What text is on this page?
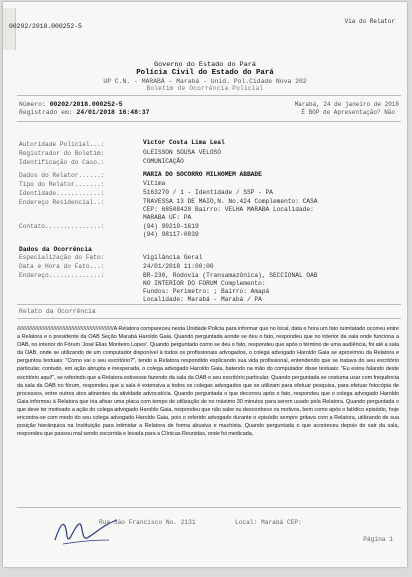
00202/2018.000252-5
Via do Relator
Governo do Estado do Pará
Polícia Civil do Estado do Pará
UP C.N. - MARABÁ - Marabá - Unid. Pol.Cidade Nova 202
Boletim de Ocorrência Policial
Número: 00202/2018.000252-5
Registrado em: 24/01/2018 16:48:37
Marabá, 24 de janeiro de 2018
É BOP de Apresentação? Não
Autoridade Policial...:	Victor Costa Lima Leal
Registrador do Boletim:	GLEISSON SOUSA VELOSO
Identificação do Caso.:	COMUNICAÇÃO
Dados do Relator......:	MARIA DO SOCORRO MILHOMEM ABBADE
Tipo do Relator.......:	Vítima
Identidade............:	5163270 / 1 - Identidade / SSP - PA
Endereço Residencial..:	TRAVESSA 13 DE MAIO,N. No.424 Complemento: CASA
CEP: 68508420 Bairro: VELHA MARABA Localidade:
MARABA UF: PA
Contato...............:	(94) 99219-1619
(94) 98117-0839
Dados da Ocorrência
Especialização do Fato:	Vigilância Geral
Data e Hora do Fato...:	24/01/2018 11:00:00
Endereço..............:	BR-230, Rodovia (Transamazônica), SECCIONAL OAB
NO INTERIOR DO FORUM Complemento:
Fundos: Perimetro: ; Bairro: Amapá
Localidade: Marabá - Marabá / PA
Relato da Ocorrência

////////////////////////////////////////////////////////////////A Relatora compareceu nesta Unidade Policia para informar que no local, data e hora um fato ruimtatado ocorreu entre a Relatora e o presidente da OAB Seção Marabá Haroldo Gaia. Quando perguntada aonde se deu o fato, respondeu que no interior da sala onde funciona a OAB, no interior do Fórum 'José Elias Monteiro Lopes'. Quando perguntado como se deu o fato, respondeu que após o término de uma audiência, foi até a sala da OAB, onde se utilizando de um computador disponível à todos os profissionais advogados, o colega advogado Haroldo Gaia se aproximou da Relatora e perguntou textuais: "Como vai o seu escritório?", tendo a Relatora respondido explicando sua vida profissional, entendendo que se tratava do seu escritório particular, contudo, em ação abrupta e inesperada, o colega advogado Haroldo Gaia, batendo na mão do computador disse textuais: "Eu estou falando deste escritório aqui!", se referindo que a Relatora estivesse fazendo da sala da OAB o seu escritório particular. Quando perguntada se costuma usar com frequência da sala da OAB no fórum, respondeu que a sala é extensiva a todos os colegas advogados que se utilizam para efetuar pesquisa, para efetuar fotocópia de processos, entre outros atos atinentes da atividade advocatícia. Quando perguntada o que decorreu após o fato, respondeu que o colega advogado Haroldo Gaia informou à Relatora que iria afixar uma placa com tempo de utilização de no máximo 30 minutos para serem usado pela Relatora. Quando perguntada o que deve ter motivado a ação do colega advogado Haroldo Gaia, respondeu que não sabe ou desconhece os motivos, bem como após o fatídico episódio, hoje encontra-se com medo do seu colega advogado Haroldo Gaia, pois o referido advogado durante o episódio sempre gritava com a Relatora, utilizando de sua posição hierárquica na Instituição para intimidar a Relatora de forma abusiva e machista. Quando perguntada o que aconteceu depois de sair da sala, respondeu que passou mal sendo socorrida e levada para a Clínicas Reunidas, onde foi medicada,

Rua São Francisco No. 2131	Local: Marabá CEP:
Página 1
